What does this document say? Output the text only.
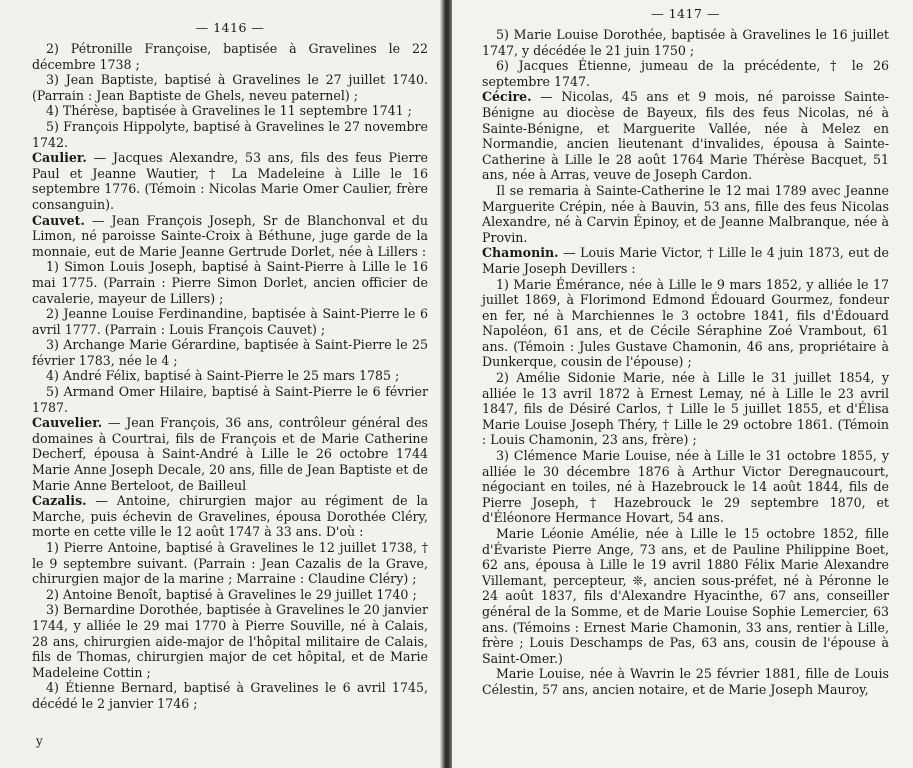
— 1416 —

2) Pétronille Françoise, baptisée à Gravelines le 22 décembre 1738 ;

3) Jean Baptiste, baptisé à Gravelines le 27 juillet 1740. (Parrain : Jean Baptiste de Ghels, neveu paternel) ;

4) Thérèse, baptisée à Gravelines le 11 septembre 1741 ;

5) François Hippolyte, baptisé à Gravelines le 27 novembre 1742.

Caulier. — Jacques Alexandre, 53 ans, fils des feus Pierre Paul et Jeanne Wautier, † La Madeleine à Lille le 16 septembre 1776. (Témoin : Nicolas Marie Omer Caulier, frère consanguin).

Cauvet. — Jean François Joseph, Sr de Blanchonval et du Limon, né paroisse Sainte-Croix à Béthune, juge garde de la monnaie, eut de Marie Jeanne Gertrude Dorlet, née à Lillers :

1) Simon Louis Joseph, baptisé à Saint-Pierre à Lille le 16 mai 1775. (Parrain : Pierre Simon Dorlet, ancien officier de cavalerie, mayeur de Lillers) ;

2) Jeanne Louise Ferdinandine, baptisée à Saint-Pierre le 6 avril 1777. (Parrain : Louis François Cauvet) ;

3) Archange Marie Gérardine, baptisée à Saint-Pierre le 25 février 1783, née le 4 ;

4) André Félix, baptisé à Saint-Pierre le 25 mars 1785 ;

5) Armand Omer Hilaire, baptisé à Saint-Pierre le 6 février 1787.

Cauvelier. — Jean François, 36 ans, contrôleur général des domaines à Courtrai, fils de François et de Marie Catherine Decherf, épousa à Saint-André à Lille le 26 octobre 1744 Marie Anne Joseph Decale, 20 ans, fille de Jean Baptiste et de Marie Anne Berteloot, de Bailleul

Cazalis. — Antoine, chirurgien major au régiment de la Marche, puis échevin de Gravelines, épousa Dorothée Cléry, morte en cette ville le 12 août 1747 à 33 ans. D'où :

1) Pierre Antoine, baptisé à Gravelines le 12 juillet 1738, † le 9 septembre suivant. (Parrain : Jean Cazalis de la Grave, chirurgien major de la marine ; Marraine : Claudine Cléry) ;

2) Antoine Benoît, baptisé à Gravelines le 29 juillet 1740 ;

3) Bernardine Dorothée, baptisée à Gravelines le 20 janvier 1744, y alliée le 29 mai 1770 à Pierre Souville, né à Calais, 28 ans, chirurgien aide-major de l'hôpital militaire de Calais, fils de Thomas, chirurgien major de cet hôpital, et de Marie Madeleine Cottin ;

4) Étienne Bernard, baptisé à Gravelines le 6 avril 1745, décédé le 2 janvier 1746 ;

y
— 1417 —

5) Marie Louise Dorothée, baptisée à Gravelines le 16 juillet 1747, y décédée le 21 juin 1750 ;

6) Jacques Étienne, jumeau de la précédente, † le 26 septembre 1747.

Cécire. — Nicolas, 45 ans et 9 mois, né paroisse Sainte-Bénigne au diocèse de Bayeux, fils des feus Nicolas, né à Sainte-Bénigne, et Marguerite Vallée, née à Melez en Normandie, ancien lieutenant d'invalides, épousa à Sainte-Catherine à Lille le 28 août 1764 Marie Thérèse Bacquet, 51 ans, née à Arras, veuve de Joseph Cardon.

Il se remaria à Sainte-Catherine le 12 mai 1789 avec Jeanne Marguerite Crépin, née à Bauvin, 53 ans, fille des feus Nicolas Alexandre, né à Carvin Épinoy, et de Jeanne Malbranque, née à Provin.

Chamonin. — Louis Marie Victor, † Lille le 4 juin 1873, eut de Marie Joseph Devillers :

1) Marie Émérance, née à Lille le 9 mars 1852, y alliée le 17 juillet 1869, à Florimond Edmond Édouard Gourmez, fondeur en fer, né à Marchiennes le 3 octobre 1841, fils d'Édouard Napoléon, 61 ans, et de Cécile Séraphine Zoé Vrambout, 61 ans. (Témoin : Jules Gustave Chamonin, 46 ans, propriétaire à Dunkerque, cousin de l'épouse) ;

2) Amélie Sidonie Marie, née à Lille le 31 juillet 1854, y alliée le 13 avril 1872 à Ernest Lemay, né à Lille le 23 avril 1847, fils de Désiré Carlos, † Lille le 5 juillet 1855, et d'Élisa Marie Louise Joseph Théry, † Lille le 29 octobre 1861. (Témoin : Louis Chamonin, 23 ans, frère) ;

3) Clémence Marie Louise, née à Lille le 31 octobre 1855, y alliée le 30 décembre 1876 à Arthur Victor Deregnaucourt, négociant en toiles, né à Hazebrouck le 14 août 1844, fils de Pierre Joseph, † Hazebrouck le 29 septembre 1870, et d'Éléonore Hermance Hovart, 54 ans.

Marie Léonie Amélie, née à Lille le 15 octobre 1852, fille d'Évariste Pierre Ange, 73 ans, et de Pauline Philippine Boet, 62 ans, épousa à Lille le 19 avril 1880 Félix Marie Alexandre Villemant, percepteur, ❊, ancien sous-préfet, né à Péronne le 24 août 1837, fils d'Alexandre Hyacinthe, 67 ans, conseiller général de la Somme, et de Marie Louise Sophie Lemercier, 63 ans. (Témoins : Ernest Marie Chamonin, 33 ans, rentier à Lille, frère ; Louis Deschamps de Pas, 63 ans, cousin de l'épouse à Saint-Omer.)

Marie Louise, née à Wavrin le 25 février 1881, fille de Louis Célestin, 57 ans, ancien notaire, et de Marie Joseph Mauroy,
